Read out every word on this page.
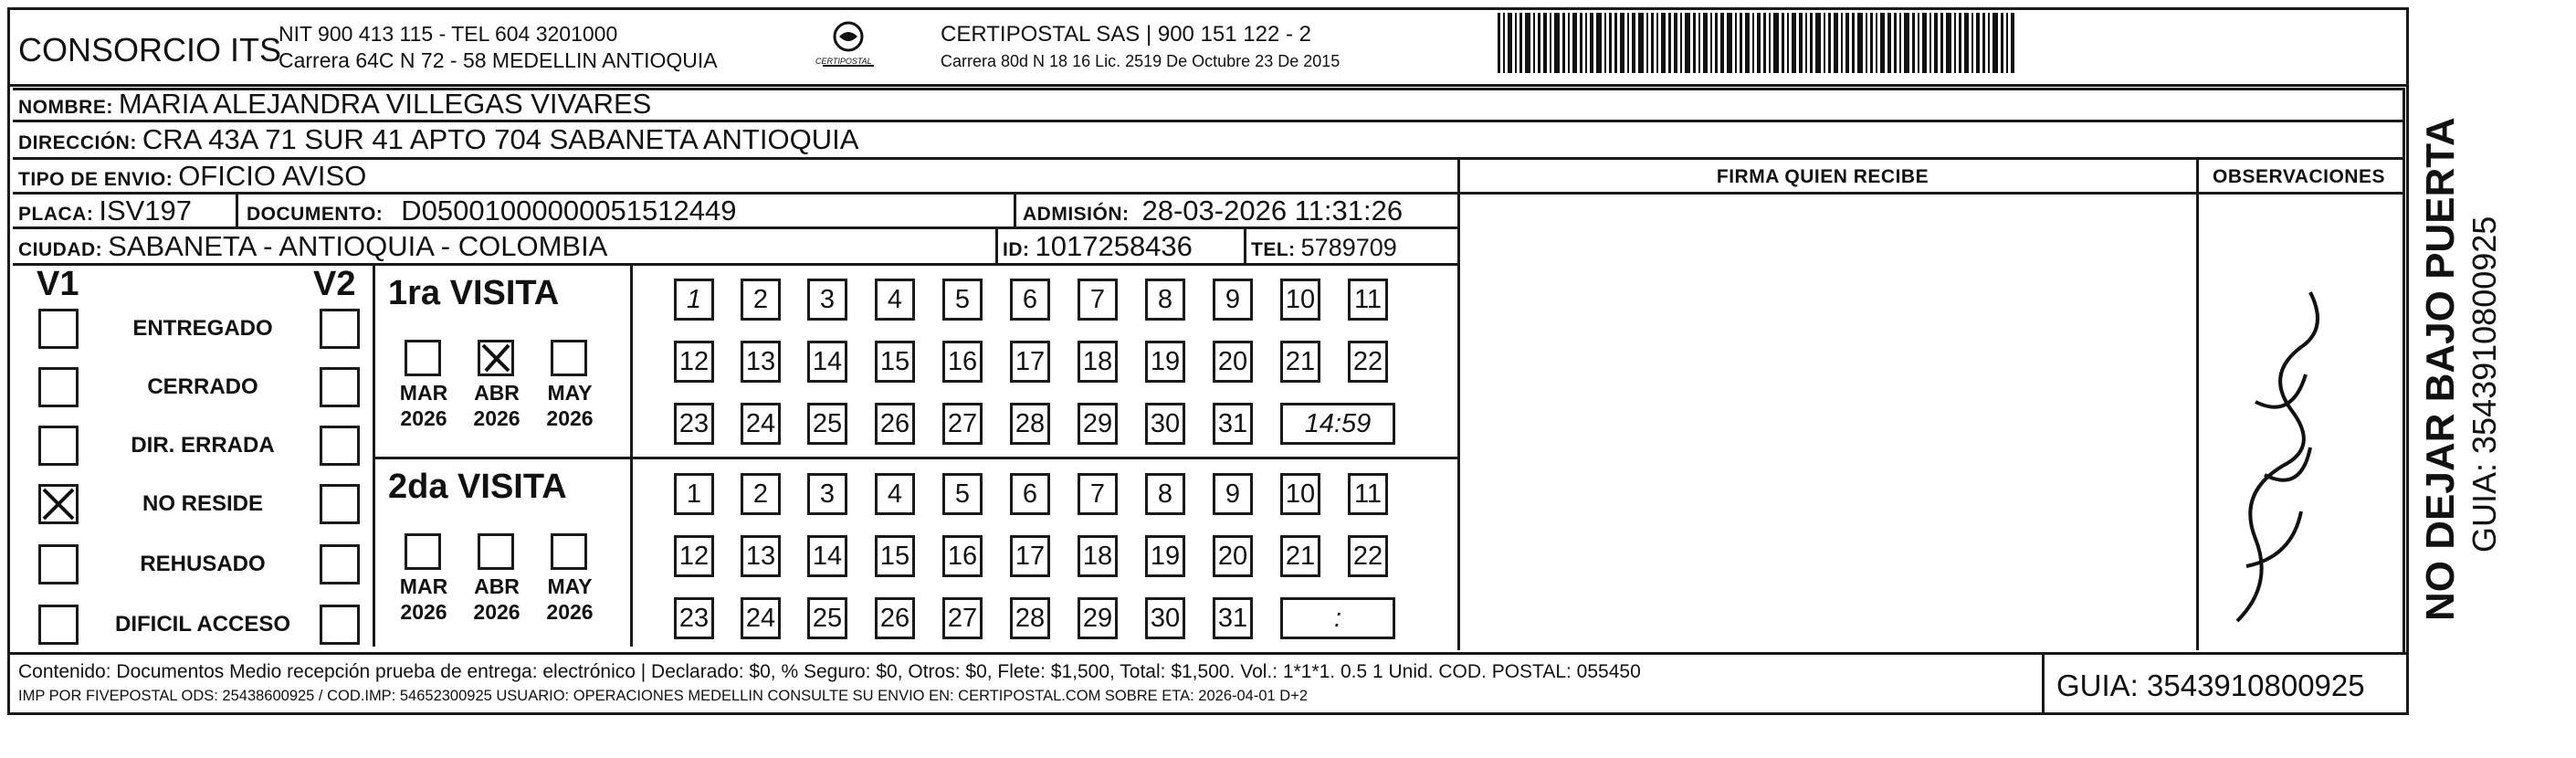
CONSORCIO ITS
NIT 900 413 115 - TEL 604 3201000
Carrera 64C N 72 - 58 MEDELLIN ANTIOQUIA	CERTIPOSTAL
CERTIPOSTAL SAS | 900 151 122 - 2
Carrera 80d N 18 16 Lic. 2519 De Octubre 23 De 2015
NOMBRE: MARIA ALEJANDRA VILLEGAS VIVARES
DIRECCIÓN: CRA 43A 71 SUR 41 APTO 704 SABANETA ANTIOQUIA
TIPO DE ENVIO: OFICIO AVISO	FIRMA QUIEN RECIBE	OBSERVACIONES
PLACA: ISV197	DOCUMENTO: D05001000000051512449	ADMISIÓN: 28-03-2026 11:31:26
CIUDAD: SABANETA - ANTIOQUIA - COLOMBIA	ID: 1017258436	TEL: 5789709
V1	V2
ENTREGADO
CERRADO
DIR. ERRADA
NO RESIDE
REHUSADO
DIFICIL ACCESO
1ra VISITA
MAR
2026
ABR
2026
MAY
2026
1	2	3	4	5	6	7	8	9	10 11
12 13 14 15 16 17 18 19 20 21 22
23 24 25 26 27 28 29 30 31	14:59
2da VISITA
MAR
2026
ABR
2026
MAY
2026
1	2	3	4	5	6	7	8	9	10 11
12 13 14 15 16 17 18 19 20 21 22
23 24 25 26 27 28 29 30 31	:
Contenido: Documentos Medio recepción prueba de entrega: electrónico | Declarado: $0, % Seguro: $0, Otros: $0, Flete: $1,500, Total: $1,500. Vol.: 1*1*1. 0.5 1 Unid. COD. POSTAL: 055450
IMP POR FIVEPOSTAL ODS: 25438600925 / COD.IMP: 54652300925 USUARIO: OPERACIONES MEDELLIN CONSULTE SU ENVIO EN: CERTIPOSTAL.COM SOBRE ETA: 2026-04-01 D+2	GUIA: 3543910800925
NO DEJAR BAJO PUERTA GUIA: 3543910800925
